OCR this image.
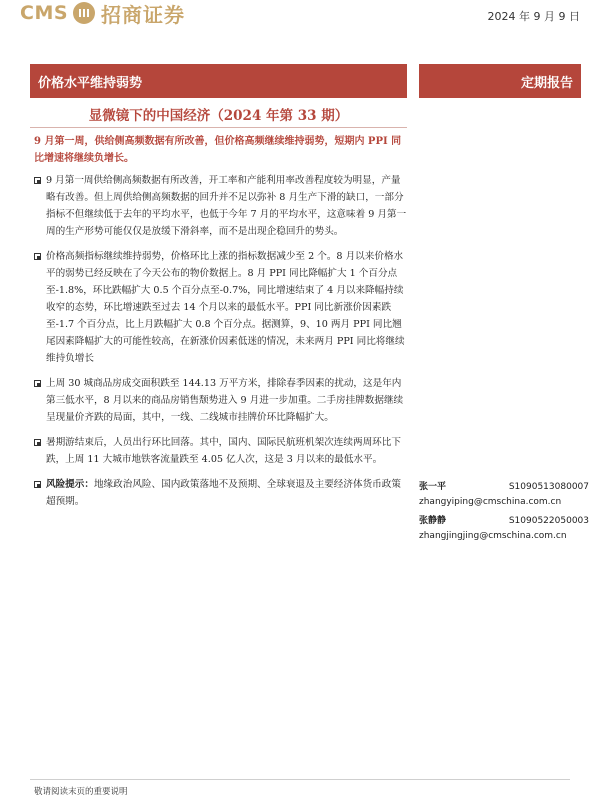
CMS 招商证券	2024 年 9 月 9 日
价格水平维持弱势	定期报告
显微镜下的中国经济（2024 年第 33 期）
9 月第一周，供给侧高频数据有所改善，但价格高频继续维持弱势，短期内 PPI 同比增速将继续负增长。
9 月第一周供给侧高频数据有所改善，开工率和产能利用率改善程度较为明显，产量略有改善。但上周供给侧高频数据的回升并不足以弥补 8 月生产下滑的缺口，一部分指标不但继续低于去年的平均水平，也低于今年 7 月的平均水平，这意味着 9 月第一周的生产形势可能仅仅是放缓下滑斜率，而不是出现企稳回升的势头。
价格高频指标继续维持弱势，价格环比上涨的指标数据减少至 2 个。8 月以来价格水平的弱势已经反映在了今天公布的物价数据上。8 月 PPI 同比降幅扩大 1 个百分点至-1.8%，环比跌幅扩大 0.5 个百分点至-0.7%，同比增速结束了 4 月以来降幅持续收窄的态势，环比增速跌至过去 14 个月以来的最低水平。PPI 同比新涨价因素跌至-1.7 个百分点，比上月跌幅扩大 0.8 个百分点。据测算，9、10 两月 PPI 同比翘尾因素降幅扩大的可能性较高，在新涨价因素低迷的情况，未来两月 PPI 同比将继续维持负增长
上周 30 城商品房成交面积跌至 144.13 万平方米，排除春季因素的扰动，这是年内第三低水平，8 月以来的商品房销售颓势进入 9 月进一步加重。二手房挂牌数据继续呈现量价齐跌的局面，其中，一线、二线城市挂牌价环比降幅扩大。
暑期游结束后，人员出行环比回落。其中，国内、国际民航班机架次连续两周环比下跌，上周 11 大城市地铁客流量跌至 4.05 亿人次，这是 3 月以来的最低水平。
风险提示：地缘政治风险、国内政策落地不及预期、全球衰退及主要经济体货币政策超预期。
张一平	S1090513080007
zhangyiping@cmschina.com.cn
张静静	S1090522050003
zhangjingjing@cmschina.com.cn
敬请阅读末页的重要说明
